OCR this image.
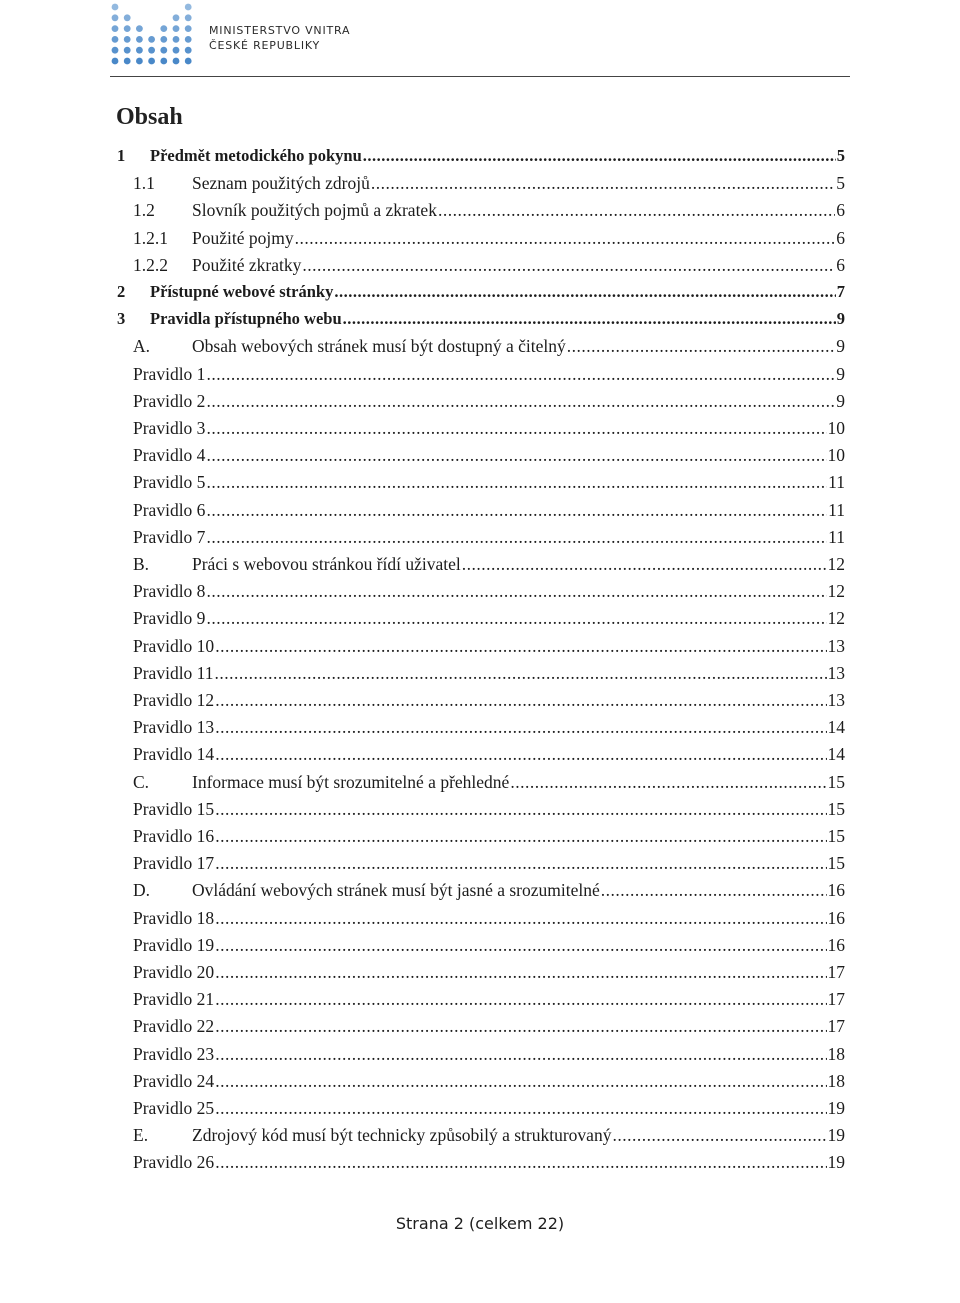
MINISTERSTVO VNITRA
ČESKÉ REPUBLIKY
Obsah
1	Předmět metodického pokynu .....	5
1.1	Seznam použitých zdrojů .....	5
1.2	Slovník použitých pojmů a zkratek .....	6
1.2.1	Použité pojmy .....	6
1.2.2	Použité zkratky .....	6
2	Přístupné webové stránky .....	7
3	Pravidla přístupného webu .....	9
A.	Obsah webových stránek musí být dostupný a čitelný .....	9
Pravidlo 1 .....	9
Pravidlo 2 .....	9
Pravidlo 3 .....	10
Pravidlo 4 .....	10
Pravidlo 5 .....	11
Pravidlo 6 .....	11
Pravidlo 7 .....	11
B.	Práci s webovou stránkou řídí uživatel .....	12
Pravidlo 8 .....	12
Pravidlo 9 .....	12
Pravidlo 10 .....	13
Pravidlo 11 .....	13
Pravidlo 12 .....	13
Pravidlo 13 .....	14
Pravidlo 14 .....	14
C.	Informace musí být srozumitelné a přehledné .....	15
Pravidlo 15 .....	15
Pravidlo 16 .....	15
Pravidlo 17 .....	15
D.	Ovládání webových stránek musí být jasné a srozumitelné .....	16
Pravidlo 18 .....	16
Pravidlo 19 .....	16
Pravidlo 20 .....	17
Pravidlo 21 .....	17
Pravidlo 22 .....	17
Pravidlo 23 .....	18
Pravidlo 24 .....	18
Pravidlo 25 .....	19
E.	Zdrojový kód musí být technicky způsobilý a strukturovaný .....	19
Pravidlo 26 .....	19
Strana 2 (celkem 22)
